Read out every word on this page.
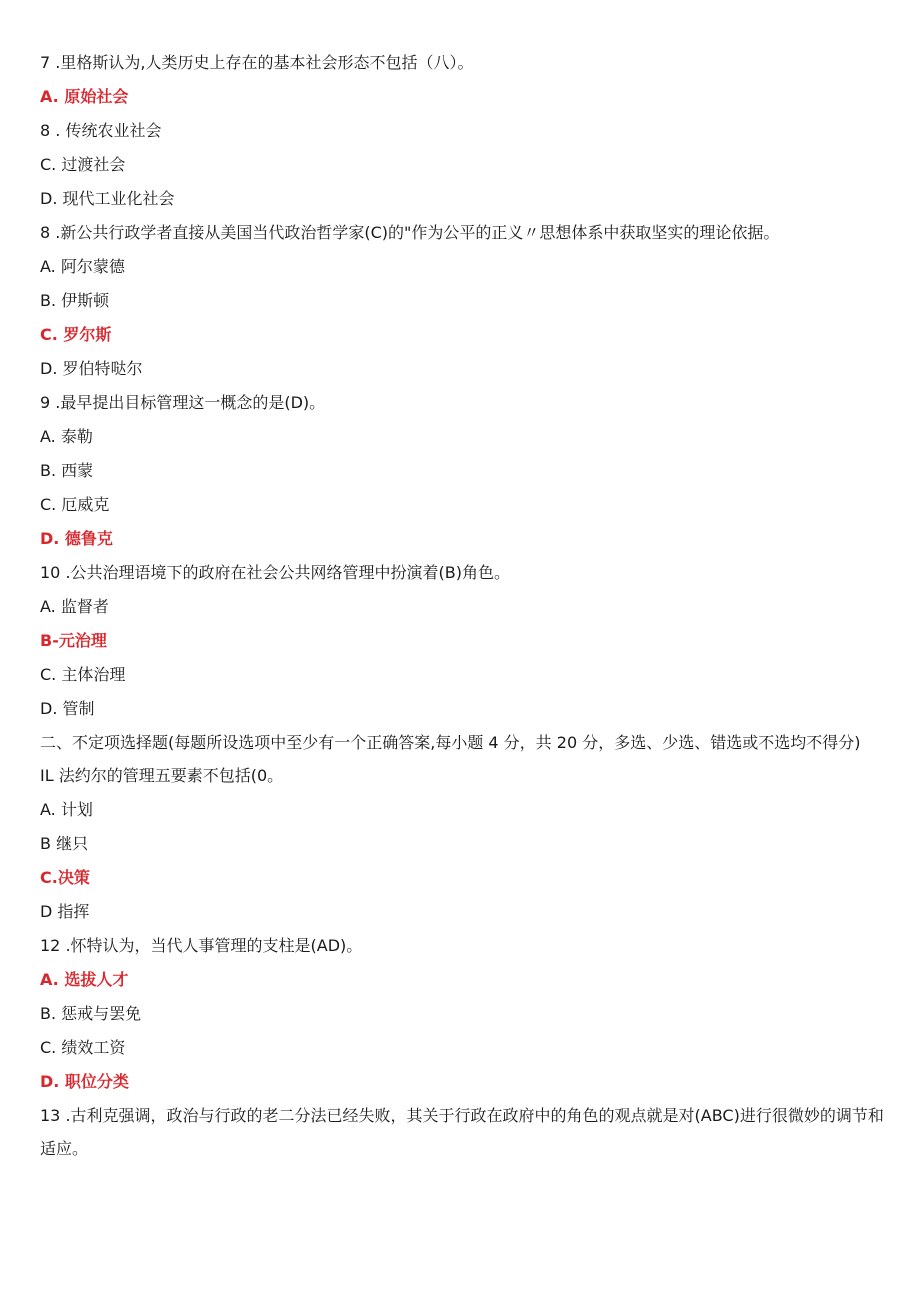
7 .里格斯认为,人类历史上存在的基本社会形态不包括（八）。
A. 原始社会
8 . 传统农业社会
C. 过渡社会
D. 现代工业化社会
8 .新公共行政学者直接从美国当代政治哲学家(C)的"作为公平的正义〃思想体系中获取坚实的理论依据。
A. 阿尔蒙德
B. 伊斯顿
C. 罗尔斯
D. 罗伯特哒尔
9 .最早提出目标管理这一概念的是(D)。
A. 泰勒
B. 西蒙
C. 厄威克
D. 德鲁克
10 .公共治理语境下的政府在社会公共网络管理中扮演着(B)角色。
A. 监督者
B-元治理
C. 主体治理
D. 管制
二、不定项选择题(每题所设选项中至少有一个正确答案,每小题 4 分，共 20 分，多选、少选、错选或不选均不得分)
IL 法约尔的管理五要素不包括(0。
A. 计划
B 继只
C.决策
D 指挥
12 .怀特认为，当代人事管理的支柱是(AD)。
A. 选拔人才
B. 惩戒与罢免
C. 绩效工资
D. 职位分类
13 .古利克强调，政治与行政的老二分法已经失败，其关于行政在政府中的角色的观点就是对(ABC)进行很微妙的调节和适应。
